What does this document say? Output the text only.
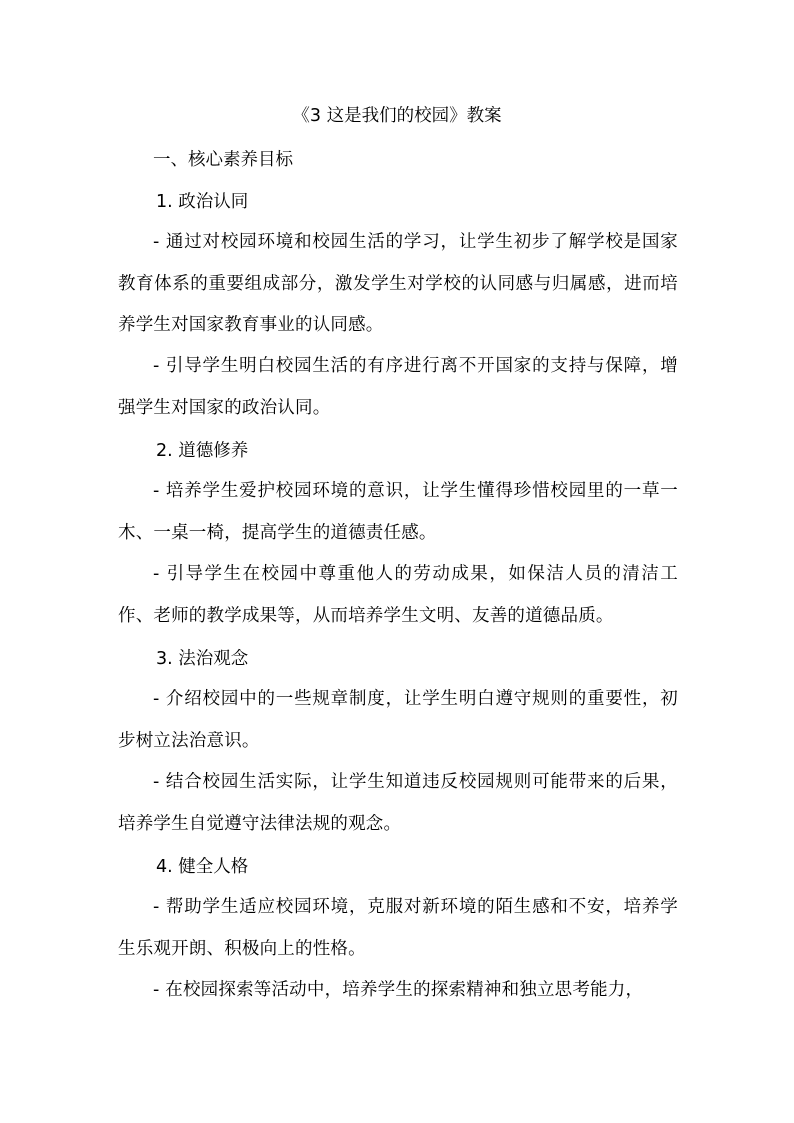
《3 这是我们的校园》教案
一、核心素养目标
1. 政治认同
- 通过对校园环境和校园生活的学习，让学生初步了解学校是国家教育体系的重要组成部分，激发学生对学校的认同感与归属感，进而培养学生对国家教育事业的认同感。
- 引导学生明白校园生活的有序进行离不开国家的支持与保障，增强学生对国家的政治认同。
2. 道德修养
- 培养学生爱护校园环境的意识，让学生懂得珍惜校园里的一草一木、一桌一椅，提高学生的道德责任感。
- 引导学生在校园中尊重他人的劳动成果，如保洁人员的清洁工作、老师的教学成果等，从而培养学生文明、友善的道德品质。
3. 法治观念
- 介绍校园中的一些规章制度，让学生明白遵守规则的重要性，初步树立法治意识。
- 结合校园生活实际，让学生知道违反校园规则可能带来的后果，培养学生自觉遵守法律法规的观念。
4. 健全人格
- 帮助学生适应校园环境，克服对新环境的陌生感和不安，培养学生乐观开朗、积极向上的性格。
- 在校园探索等活动中，培养学生的探索精神和独立思考能力，
